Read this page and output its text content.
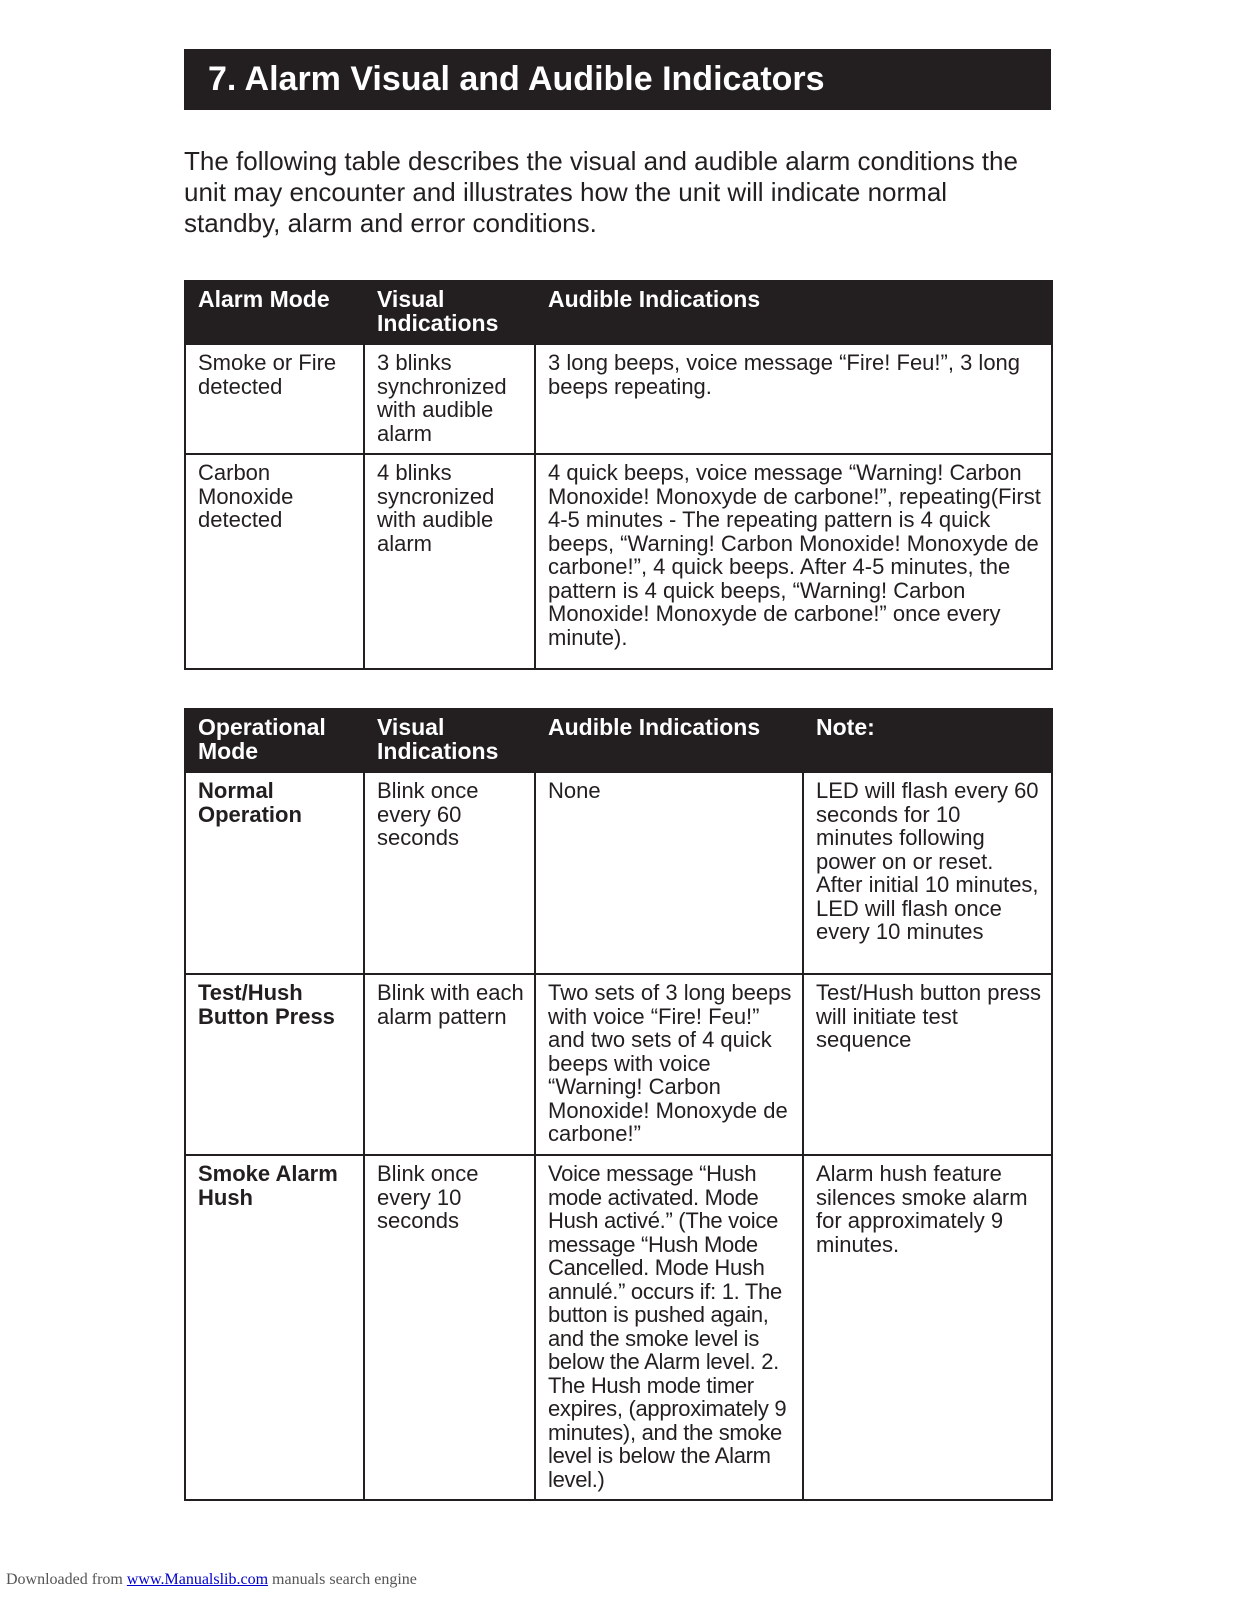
7. Alarm Visual and Audible Indicators

The following table describes the visual and audible alarm conditions the unit may encounter and illustrates how the unit will indicate normal standby, alarm and error conditions.

Alarm Mode	Visual Indications	Audible Indications
Smoke or Fire detected	3 blinks synchronized with audible alarm	3 long beeps, voice message “Fire! Feu!”, 3 long beeps repeating.
Carbon Monoxide detected	4 blinks syncronized with audible alarm	4 quick beeps, voice message “Warning! Carbon Monoxide! Monoxyde de carbone!”, repeating(First 4-5 minutes - The repeating pattern is 4 quick beeps, “Warning! Carbon Monoxide! Monoxyde de carbone!”, 4 quick beeps. After 4-5 minutes, the pattern is 4 quick beeps, “Warning! Carbon Monoxide! Monoxyde de carbone!” once every minute).
Operational Mode	Visual Indications	Audible Indications	Note:
Normal Operation	Blink once every 60 seconds	None	LED will flash every 60 seconds for 10 minutes following power on or reset. After initial 10 minutes, LED will flash once every 10 minutes
Test/Hush Button Press	Blink with each alarm pattern	Two sets of 3 long beeps with voice “Fire! Feu!” and two sets of 4 quick beeps with voice “Warning! Carbon Monoxide! Monoxyde de carbone!”	Test/Hush button press will initiate test sequence
Smoke Alarm Hush	Blink once every 10 seconds	Voice message “Hush mode activated. Mode Hush activé.” (The voice message “Hush Mode Cancelled. Mode Hush annulé.” occurs if: 1. The button is pushed again, and the smoke level is below the Alarm level. 2. The Hush mode timer expires, (approximately 9 minutes), and the smoke level is below the Alarm level.)	Alarm hush feature silences smoke alarm for approximately 9 minutes.
Downloaded from www.Manualslib.com manuals search engine
